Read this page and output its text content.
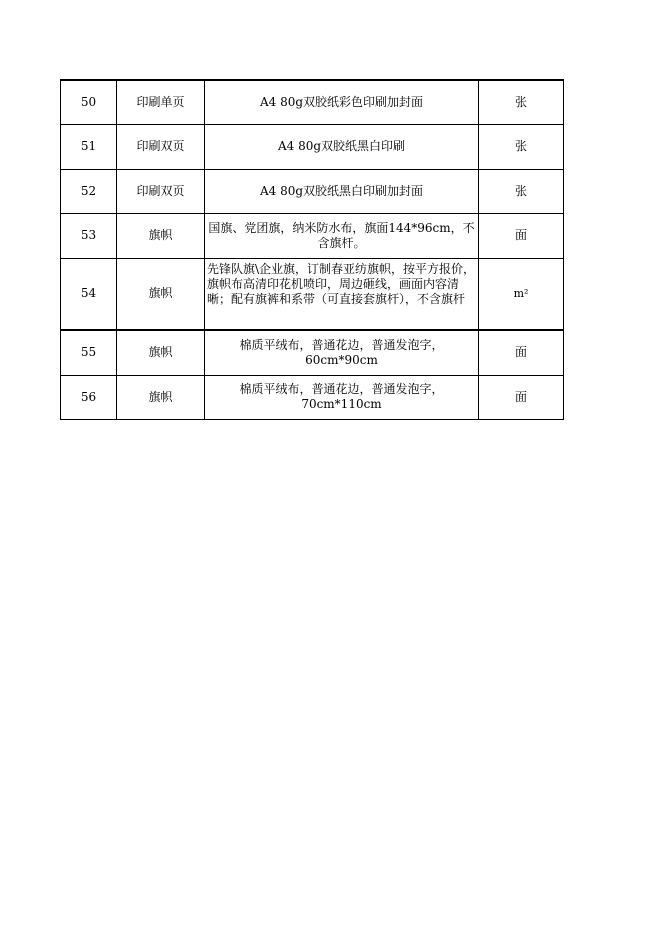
50	印刷单页	A4 80g双胶纸彩色印刷加封面	张
51	印刷双页	A4 80g双胶纸黑白印刷	张
52	印刷双页	A4 80g双胶纸黑白印刷加封面	张
53	旗帜	国旗、党团旗，纳米防水布，旗面144*96cm，不含旗杆。	面
54	旗帜	先锋队旗\企业旗，订制春亚纺旗帜，按平方报价，旗帜布高清印花机喷印，周边砸线，画面内容清晰；配有旗裤和系带（可直接套旗杆），不含旗杆	m²
55	旗帜	棉质平绒布，普通花边，普通发泡字，60cm*90cm	面
56	旗帜	棉质平绒布，普通花边，普通发泡字，70cm*110cm	面
